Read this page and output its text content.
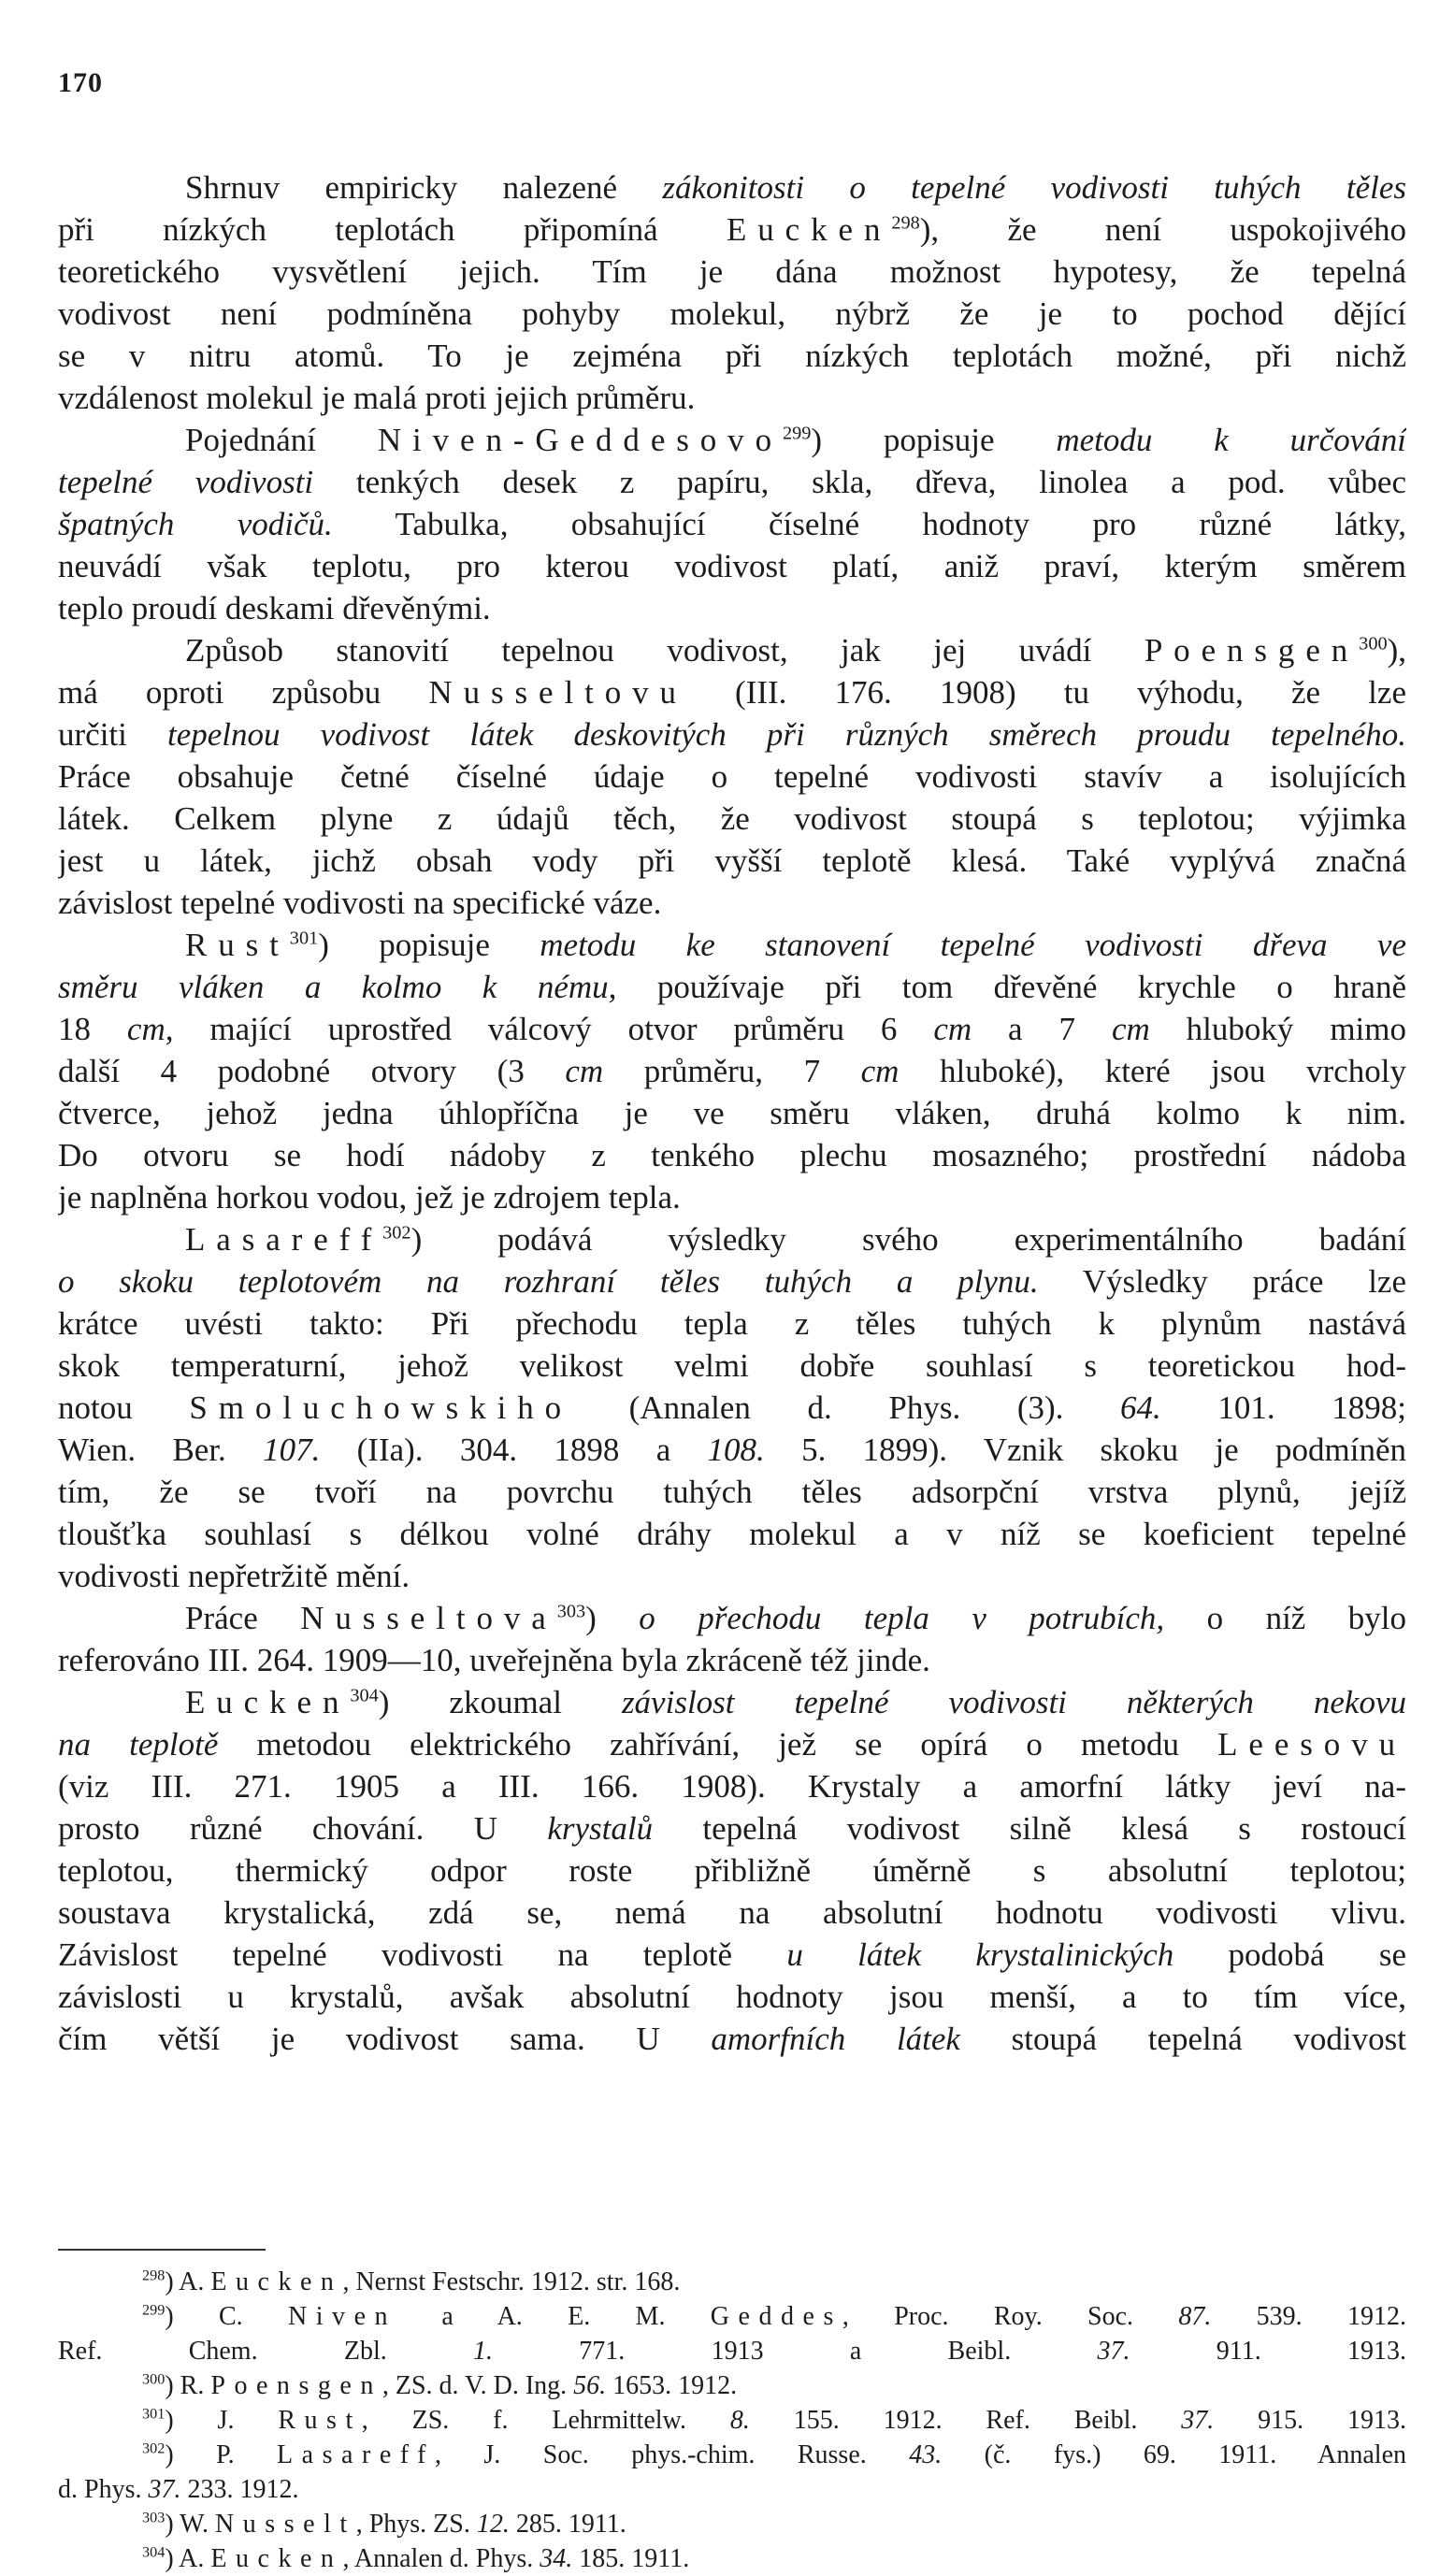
170
Shrnuv empiricky nalezené zákonitosti o tepelné vodivosti tuhých těles
při nízkých teplotách připomíná Eucken$^{298}$), že není uspokojivého
teoretického vysvětlení jejich. Tím je dána možnost hypotesy, že tepelná
vodivost není podmíněna pohyby molekul, nýbrž že je to pochod dějící
se v nitru atomů. To je zejména při nízkých teplotách možné, při nichž
vzdálenost molekul je malá proti jejich průměru.
Pojednání Niven-Geddesovo$^{299}$) popisuje metodu k určování
tepelné vodivosti tenkých desek z papíru, skla, dřeva, linolea a pod. vůbec
špatných vodičů. Tabulka, obsahující číselné hodnoty pro různé látky,
neuvádí však teplotu, pro kterou vodivost platí, aniž praví, kterým směrem
teplo proudí deskami dřevěnými.
Způsob stanovití tepelnou vodivost, jak jej uvádí Poensgen$^{300}$),
má oproti způsobu Nusseltovu (III. 176. 1908) tu výhodu, že lze
určiti tepelnou vodivost látek deskovitých při různých směrech proudu tepelného.
Práce obsahuje četné číselné údaje o tepelné vodivosti stavív a isolujících
látek. Celkem plyne z údajů těch, že vodivost stoupá s teplotou; výjimka
jest u látek, jichž obsah vody při vyšší teplotě klesá. Také vyplývá značná
závislost tepelné vodivosti na specifické váze.
Rust$^{301}$) popisuje metodu ke stanovení tepelné vodivosti dřeva ve
směru vláken a kolmo k nému, používaje při tom dřevěné krychle o hraně
18 cm, mající uprostřed válcový otvor průměru 6 cm a 7 cm hluboký mimo
další 4 podobné otvory (3 cm průměru, 7 cm hluboké), které jsou vrcholy
čtverce, jehož jedna úhlopříčna je ve směru vláken, druhá kolmo k nim.
Do otvoru se hodí nádoby z tenkého plechu mosazného; prostřední nádoba
je naplněna horkou vodou, jež je zdrojem tepla.
Lasareff$^{302}$) podává výsledky svého experimentálního badání
o skoku teplotovém na rozhraní těles tuhých a plynu. Výsledky práce lze
krátce uvésti takto: Při přechodu tepla z těles tuhých k plynům nastává
skok temperaturní, jehož velikost velmi dobře souhlasí s teoretickou hod-
notou Smoluchowskiho (Annalen d. Phys. (3). 64. 101. 1898;
Wien. Ber. 107. (IIa). 304. 1898 a 108. 5. 1899). Vznik skoku je podmíněn
tím, že se tvoří na povrchu tuhých těles adsorpční vrstva plynů, jejíž
tloušťka souhlasí s délkou volné dráhy molekul a v níž se koeficient tepelné
vodivosti nepřetržitě mění.
Práce Nusseltova$^{303}$) o přechodu tepla v potrubích, o níž bylo
referováno III. 264. 1909—10, uveřejněna byla zkráceně též jinde.
Eucken$^{304}$) zkoumal závislost tepelné vodivosti některých nekovu
na teplotě metodou elektrického zahřívání, jež se opírá o metodu Leesovu
(viz III. 271. 1905 a III. 166. 1908). Krystaly a amorfní látky jeví na-
prosto různé chování. U krystalů tepelná vodivost silně klesá s rostoucí
teplotou, thermický odpor roste přibližně úměrně s absolutní teplotou;
soustava krystalická, zdá se, nemá na absolutní hodnotu vodivosti vlivu.
Závislost tepelné vodivosti na teplotě u látek krystalinických podobá se
závislosti u krystalů, avšak absolutní hodnoty jsou menší, a to tím více,
čím větší je vodivost sama. U amorfních látek stoupá tepelná vodivost
$^{298}$) A. Eucken, Nernst Festschr. 1912. str. 168.
$^{299}$) C. Niven a A. E. M. Geddes, Proc. Roy. Soc. 87. 539. 1912.
Ref. Chem. Zbl. 1. 771. 1913 a Beibl. 37. 911. 1913.
$^{300}$) R. Poensgen, ZS. d. V. D. Ing. 56. 1653. 1912.
$^{301}$) J. Rust, ZS. f. Lehrmittelw. 8. 155. 1912. Ref. Beibl. 37. 915. 1913.
$^{302}$) P. Lasareff, J. Soc. phys.-chim. Russe. 43. (č. fys.) 69. 1911. Annalen
d. Phys. 37. 233. 1912.
$^{303}$) W. Nusselt, Phys. ZS. 12. 285. 1911.
$^{304}$) A. Eucken, Annalen d. Phys. 34. 185. 1911.
